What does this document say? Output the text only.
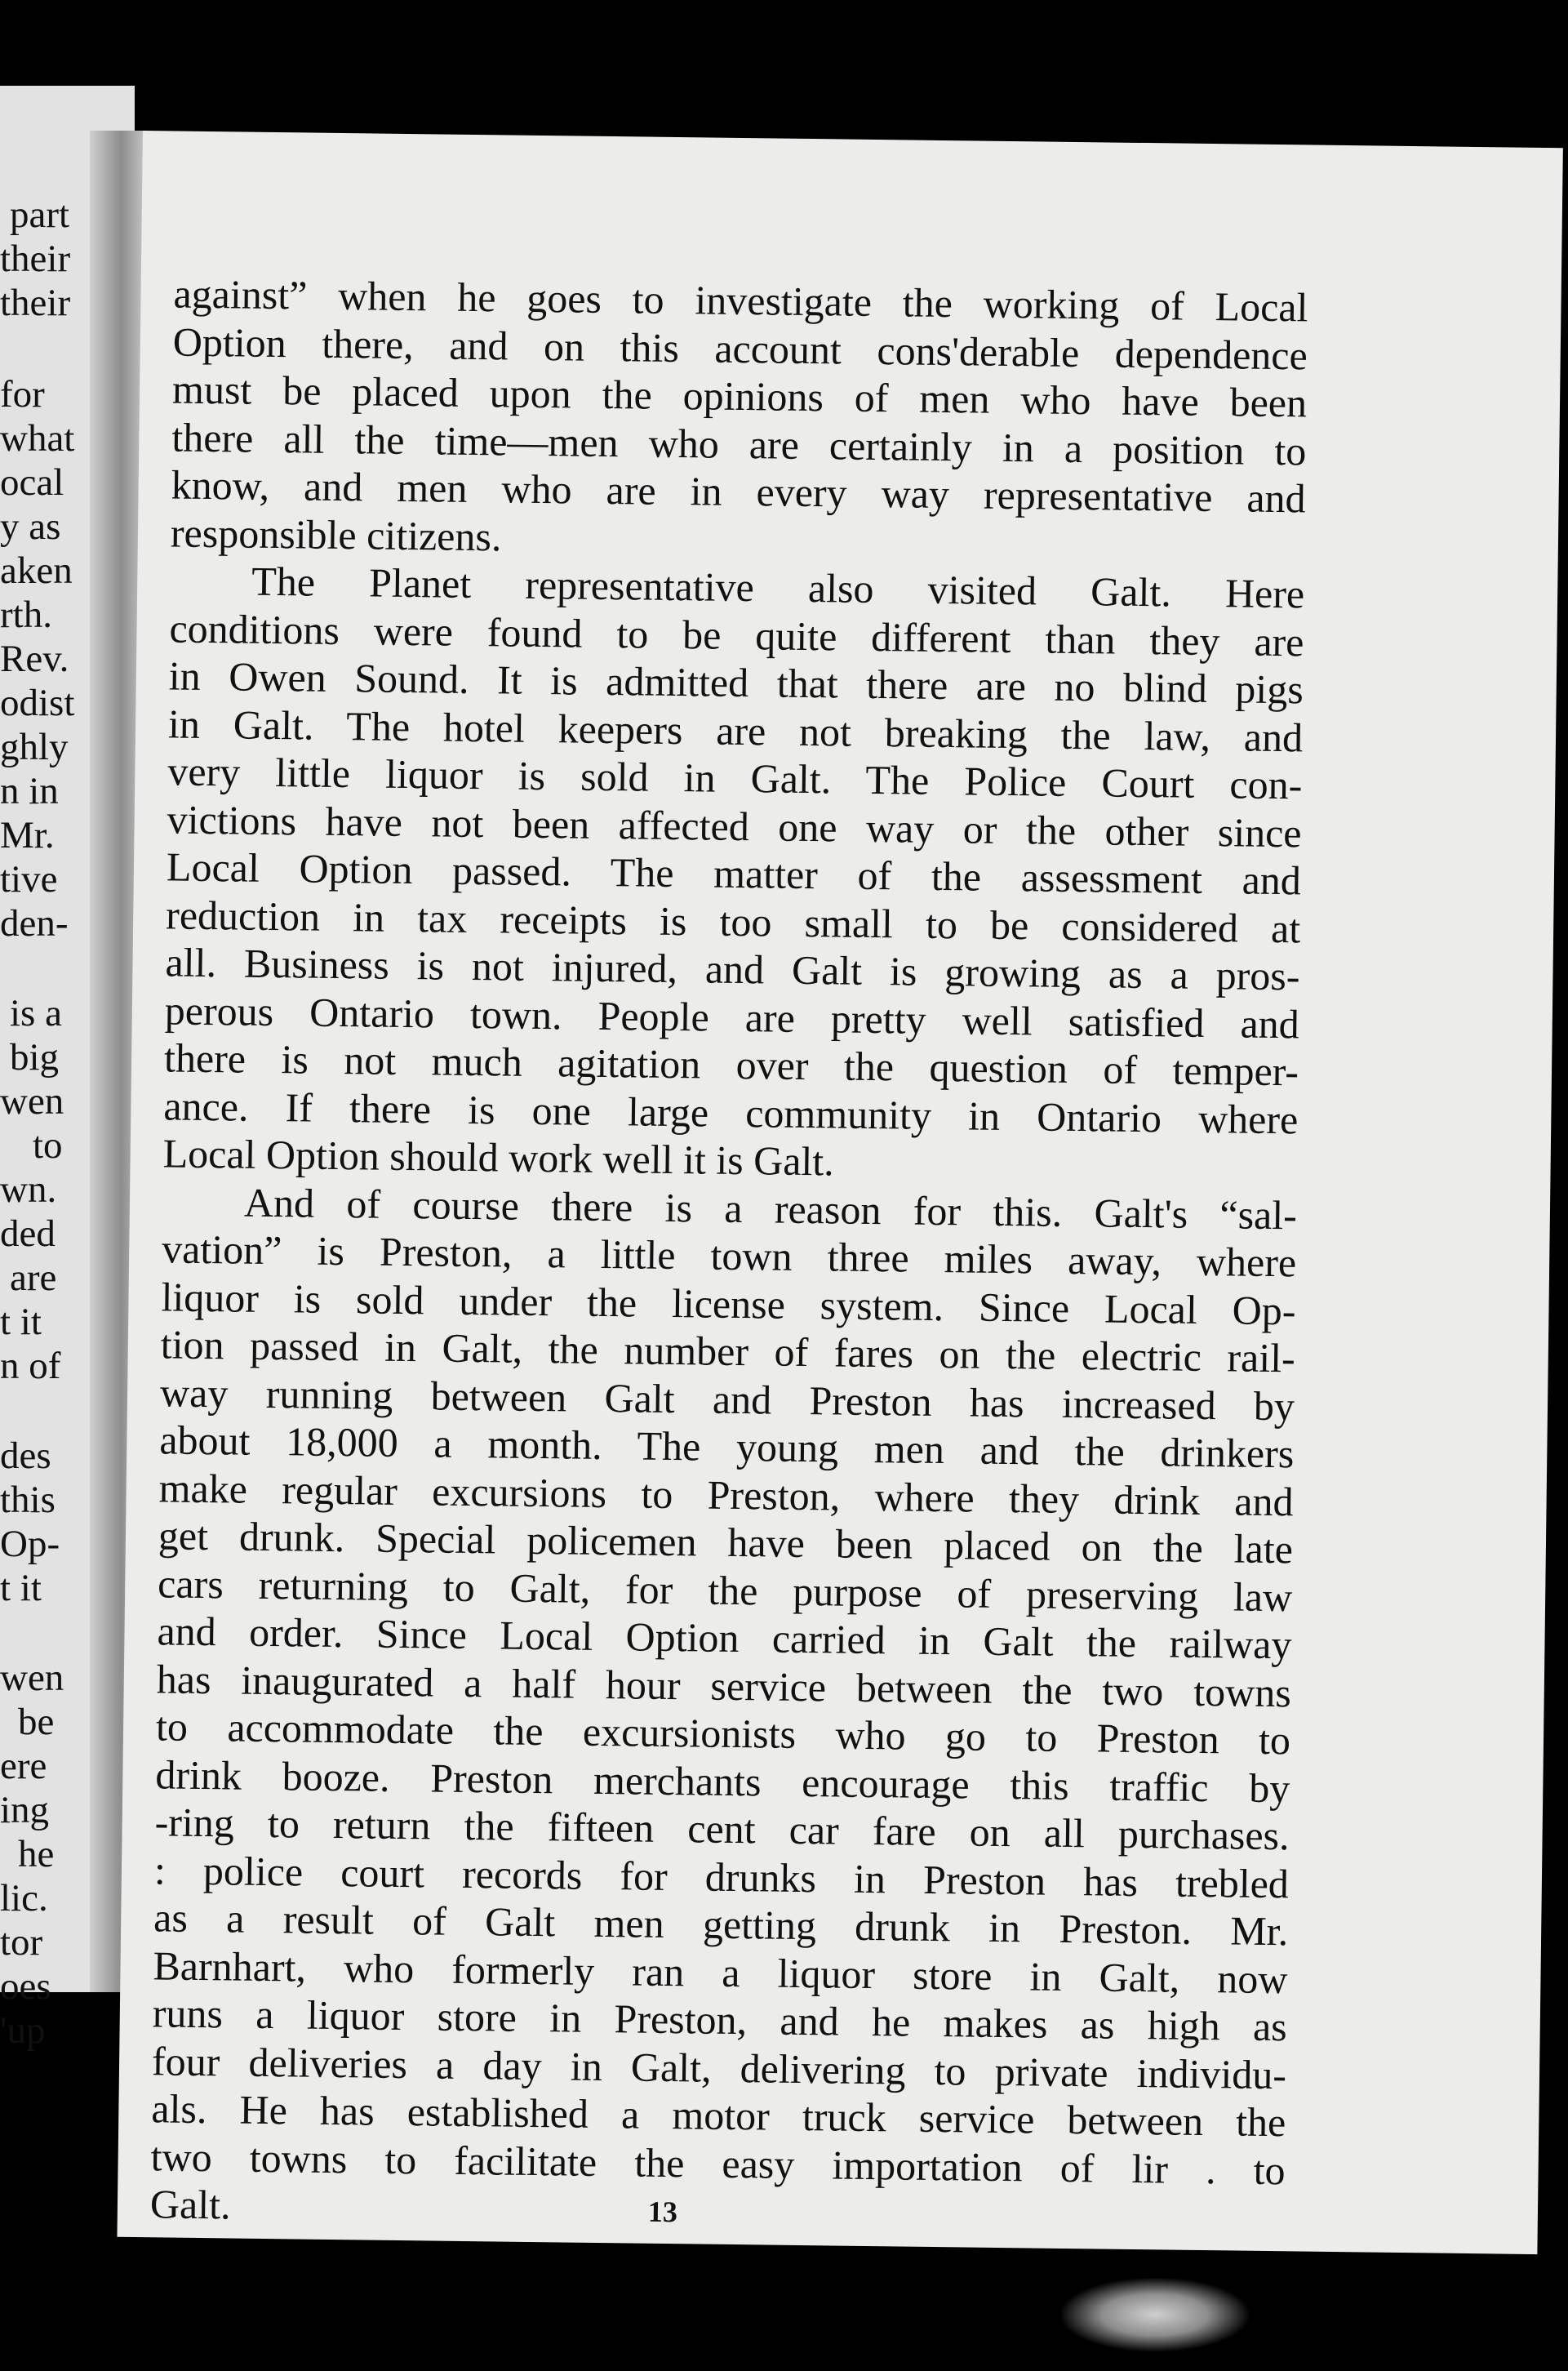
part
their
their
for
what
ocal
y as
aken
rth.
Rev.
odist
ghly
n in
Mr.
tive
den-
is a
big
wen
to
wn.
ded
are
t it
n of
des
this
Op-
t it
wen
be
ere
ing
he
lic.
tor
oes
'up
against” when he goes to investigate the working of Local
Option there, and on this account cons'derable dependence
must be placed upon the opinions of men who have been
there all the time—men who are certainly in a position to
know, and men who are in every way representative and
responsible citizens.
The Planet representative also visited Galt. Here
conditions were found to be quite different than they are
in Owen Sound. It is admitted that there are no blind pigs
in Galt. The hotel keepers are not breaking the law, and
very little liquor is sold in Galt. The Police Court con-
victions have not been affected one way or the other since
Local Option passed. The matter of the assessment and
reduction in tax receipts is too small to be considered at
all. Business is not injured, and Galt is growing as a pros-
perous Ontario town. People are pretty well satisfied and
there is not much agitation over the question of temper-
ance. If there is one large community in Ontario where
Local Option should work well it is Galt.
And of course there is a reason for this. Galt's “sal-
vation” is Preston, a little town three miles away, where
liquor is sold under the license system. Since Local Op-
tion passed in Galt, the number of fares on the electric rail-
way running between Galt and Preston has increased by
about 18,000 a month. The young men and the drinkers
make regular excursions to Preston, where they drink and
get drunk. Special policemen have been placed on the late
cars returning to Galt, for the purpose of preserving law
and order. Since Local Option carried in Galt the railway
has inaugurated a half hour service between the two towns
to accommodate the excursionists who go to Preston to
drink booze. Preston merchants encourage this traffic by
-ring to return the fifteen cent car fare on all purchases.
: police court records for drunks in Preston has trebled
as a result of Galt men getting drunk in Preston. Mr.
Barnhart, who formerly ran a liquor store in Galt, now
runs a liquor store in Preston, and he makes as high as
four deliveries a day in Galt, delivering to private individu-
als. He has established a motor truck service between the
two towns to facilitate the easy importation of lir . to
Galt.	13
